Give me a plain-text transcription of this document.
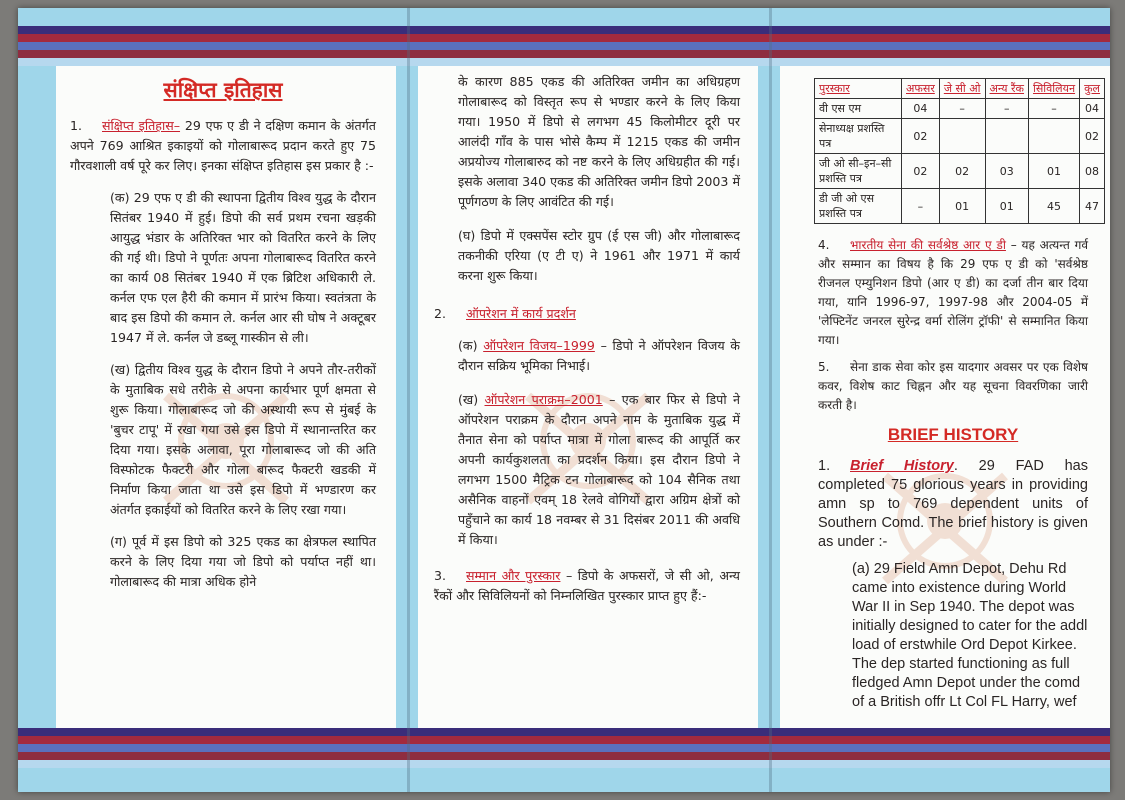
संक्षिप्त इतिहास

1. संक्षिप्त इतिहास– 29 एफ ए डी ने दक्षिण कमान के अंतर्गत अपने 769 आश्रित इकाइयों को गोलाबारूद प्रदान करते हुए 75 गौरवशाली वर्ष पूरे कर लिए। इनका संक्षिप्त इतिहास इस प्रकार है :-

(क) 29 एफ ए डी की स्थापना द्वितीय विश्व युद्ध के दौरान सितंबर 1940 में हुई। डिपो की सर्व प्रथम रचना खड़की आयुद्ध भंडार के अतिरिक्त भार को वितरित करने के लिए की गई थी। डिपो ने पूर्णतः अपना गोलाबारूद वितरित करने का कार्य 08 सितंबर 1940 में एक ब्रिटिश अधिकारी ले. कर्नल एफ एल हैरी की कमान में प्रारंभ किया। स्वतंत्रता के बाद इस डिपो की कमान ले. कर्नल आर सी घोष ने अक्टूबर 1947 में ले. कर्नल जे डब्लू गास्कीन से ली।

(ख) द्वितीय विश्व युद्ध के दौरान डिपो ने अपने तौर-तरीकों के मुताबिक सधे तरीके से अपना कार्यभार पूर्ण क्षमता से शुरू किया। गोलाबारूद जो की अस्थायी रूप से मुंबई के 'बुचर टापू' में रखा गया उसे इस डिपो में स्थानान्तरित कर दिया गया। इसके अलावा, पूरा गोलाबारूद जो की अति विस्फोटक फैक्टरी और गोला बारूद फैक्टरी खडकी में निर्माण किया जाता था उसे इस डिपो में भण्डारण कर अंतर्गत इकाईयों को वितरित करने के लिए रखा गया।

(ग) पूर्व में इस डिपो को 325 एकड का क्षेत्रफल स्थापित करने के लिए दिया गया जो डिपो को पर्याप्त नहीं था। गोलाबारूद की मात्रा अधिक होने

के कारण 885 एकड की अतिरिक्त जमीन का अधिग्रहण गोलाबारूद को विस्तृत रूप से भण्डार करने के लिए किया गया। 1950 में डिपो से लगभग 45 किलोमीटर दूरी पर आलंदी गाँव के पास भोसे कैम्प में 1215 एकड की जमीन अप्रयोज्य गोलाबारुद को नष्ट करने के लिए अधिग्रहीत की गई। इसके अलावा 340 एकड की अतिरिक्त जमीन डिपो 2003 में पूर्णगठण के लिए आवंटित की गई।

(घ) डिपो में एक्सपेंस स्टोर ग्रुप (ई एस जी) और गोलाबारूद तकनीकी एरिया (ए टी ए) ने 1961 और 1971 में कार्य करना शुरू किया।

2. ऑपरेशन में कार्य प्रदर्शन

(क) ऑपरेशन विजय–1999 – डिपो ने ऑपरेशन विजय के दौरान सक्रिय भूमिका निभाई।

(ख) ऑपरेशन पराक्रम–2001 – एक बार फिर से डिपो ने ऑपरेशन पराक्रम के दौरान अपने नाम के मुताबिक युद्ध में तैनात सेना को पर्याप्त मात्रा में गोला बारूद की आपूर्ति कर अपनी कार्यकुशलता का प्रदर्शन किया। इस दौरान डिपो ने लगभग 1500 मैट्रिक टन गोलाबारूद को 104 सैनिक तथा असैनिक वाहनों एवम् 18 रेलवे वोगियों द्वारा अग्रिम क्षेत्रों को पहुँचाने का कार्य 18 नवम्बर से 31 दिसंबर 2011 की अवधि में किया।

3. सम्मान और पुरस्कार – डिपो के अफसरों, जे सी ओ, अन्य रैंकों और सिविलियनों को निम्नलिखित पुरस्कार प्राप्त हुए हैं:-

पुरस्कार	अफसर	जे सी ओ	अन्य रैंक	सिविलियन	कुल
वी एस एम	04	–	–	–	04
सेनाध्यक्ष प्रशस्ति पत्र	02				02
जी ओ सी–इन–सी प्रशस्ति पत्र	02	02	03	01	08
डी जी ओ एस प्रशस्ति पत्र	–	01	01	45	47

4. भारतीय सेना की सर्वश्रेष्ठ आर ए डी – यह अत्यन्त गर्व और सम्मान का विषय है कि 29 एफ ए डी को 'सर्वश्रेष्ठ रीजनल एम्युनिशन डिपो (आर ए डी) का दर्जा तीन बार दिया गया, यानि 1996-97, 1997-98 और 2004-05 में 'लेफ्टिनेंट जनरल सुरेन्द्र वर्मा रोलिंग ट्रॉफी' से सम्मानित किया गया।

5. सेना डाक सेवा कोर इस यादगार अवसर पर एक विशेष कवर, विशेष काट चिह्नन और यह सूचना विवरणिका जारी करती है।

BRIEF HISTORY

1. Brief History. 29 FAD has completed 75 glorious years in providing amn sp to 769 dependent units of Southern Comd. The brief history is given as under :-

(a) 29 Field Amn Depot, Dehu Rd came into existence during World War II in Sep 1940. The depot was initially designed to cater for the addl load of erstwhile Ord Depot Kirkee. The dep started functioning as full fledged Amn Depot under the comd of a British offr Lt Col FL Harry, wef
